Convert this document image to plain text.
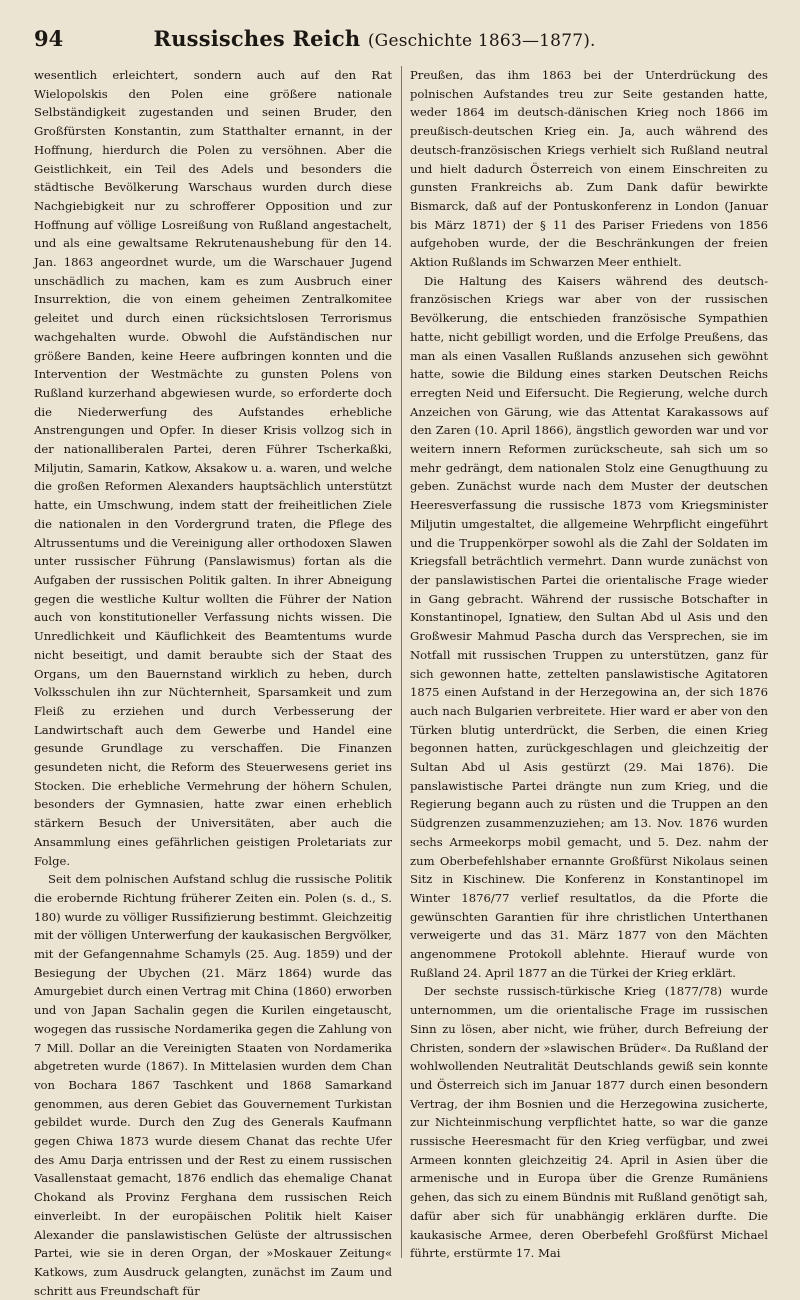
94	Russisches Reich (Geschichte 1863—1877).

wesentlich erleichtert, sondern auch auf den Rat Wielopolskis den Polen eine größere nationale Selbständigkeit zugestanden und seinen Bruder, den Großfürsten Konstantin, zum Statthalter ernannt, in der Hoffnung, hierdurch die Polen zu versöhnen. Aber die Geistlichkeit, ein Teil des Adels und besonders die städtische Bevölkerung Warschaus wurden durch diese Nachgiebigkeit nur zu schrofferer Opposition und zur Hoffnung auf völlige Losreißung von Rußland angestachelt, und als eine gewaltsame Rekrutenaushebung für den 14. Jan. 1863 angeordnet wurde, um die Warschauer Jugend unschädlich zu machen, kam es zum Ausbruch einer Insurrektion, die von einem geheimen Zentralkomitee geleitet und durch einen rücksichtslosen Terrorismus wachgehalten wurde. Obwohl die Aufständischen nur größere Banden, keine Heere aufbringen konnten und die Intervention der Westmächte zu gunsten Polens von Rußland kurzerhand abgewiesen wurde, so erforderte doch die Niederwerfung des Aufstandes erhebliche Anstrengungen und Opfer. In dieser Krisis vollzog sich in der nationalliberalen Partei, deren Führer Tscherkaßki, Miljutin, Samarin, Katkow, Aksakow u. a. waren, und welche die großen Reformen Alexanders hauptsächlich unterstützt hatte, ein Umschwung, indem statt der freiheitlichen Ziele die nationalen in den Vordergrund traten, die Pflege des Altrussentums und die Vereinigung aller orthodoxen Slawen unter russischer Führung (Panslawismus) fortan als die Aufgaben der russischen Politik galten. In ihrer Abneigung gegen die westliche Kultur wollten die Führer der Nation auch von konstitutioneller Verfassung nichts wissen. Die Unredlichkeit und Käuflichkeit des Beamtentums wurde nicht beseitigt, und damit beraubte sich der Staat des Organs, um den Bauernstand wirklich zu heben, durch Volksschulen ihn zur Nüchternheit, Sparsamkeit und zum Fleiß zu erziehen und durch Verbesserung der Landwirtschaft auch dem Gewerbe und Handel eine gesunde Grundlage zu verschaffen. Die Finanzen gesundeten nicht, die Reform des Steuerwesens geriet ins Stocken. Die erhebliche Vermehrung der höhern Schulen, besonders der Gymnasien, hatte zwar einen erheblich stärkern Besuch der Universitäten, aber auch die Ansammlung eines gefährlichen geistigen Proletariats zur Folge.

Seit dem polnischen Aufstand schlug die russische Politik die erobernde Richtung früherer Zeiten ein. Polen (s. d., S. 180) wurde zu völliger Russifizierung bestimmt. Gleichzeitig mit der völligen Unterwerfung der kaukasischen Bergvölker, mit der Gefangennahme Schamyls (25. Aug. 1859) und der Besiegung der Ubychen (21. März 1864) wurde das Amurgebiet durch einen Vertrag mit China (1860) erworben und von Japan Sachalin gegen die Kurilen eingetauscht, wogegen das russische Nordamerika gegen die Zahlung von 7 Mill. Dollar an die Vereinigten Staaten von Nordamerika abgetreten wurde (1867). In Mittelasien wurden dem Chan von Bochara 1867 Taschkent und 1868 Samarkand genommen, aus deren Gebiet das Gouvernement Turkistan gebildet wurde. Durch den Zug des Generals Kaufmann gegen Chiwa 1873 wurde diesem Chanat das rechte Ufer des Amu Darja entrissen und der Rest zu einem russischen Vasallenstaat gemacht, 1876 endlich das ehemalige Chanat Chokand als Provinz Ferghana dem russischen Reich einverleibt. In der europäischen Politik hielt Kaiser Alexander die panslawistischen Gelüste der altrussischen Partei, wie sie in deren Organ, der »Moskauer Zeitung« Katkows, zum Ausdruck gelangten, zunächst im Zaum und schritt aus Freundschaft für

Preußen, das ihm 1863 bei der Unterdrückung des polnischen Aufstandes treu zur Seite gestanden hatte, weder 1864 im deutsch-dänischen Krieg noch 1866 im preußisch-deutschen Krieg ein. Ja, auch während des deutsch-französischen Kriegs verhielt sich Rußland neutral und hielt dadurch Österreich von einem Einschreiten zu gunsten Frankreichs ab. Zum Dank dafür bewirkte Bismarck, daß auf der Pontuskonferenz in London (Januar bis März 1871) der § 11 des Pariser Friedens von 1856 aufgehoben wurde, der die Beschränkungen der freien Aktion Rußlands im Schwarzen Meer enthielt.

Die Haltung des Kaisers während des deutsch-französischen Kriegs war aber von der russischen Bevölkerung, die entschieden französische Sympathien hatte, nicht gebilligt worden, und die Erfolge Preußens, das man als einen Vasallen Rußlands anzusehen sich gewöhnt hatte, sowie die Bildung eines starken Deutschen Reichs erregten Neid und Eifersucht. Die Regierung, welche durch Anzeichen von Gärung, wie das Attentat Karakassows auf den Zaren (10. April 1866), ängstlich geworden war und vor weitern innern Reformen zurückscheute, sah sich um so mehr gedrängt, dem nationalen Stolz eine Genugthuung zu geben. Zunächst wurde nach dem Muster der deutschen Heeresverfassung die russische 1873 vom Kriegsminister Miljutin umgestaltet, die allgemeine Wehrpflicht eingeführt und die Truppenkörper sowohl als die Zahl der Soldaten im Kriegsfall beträchtlich vermehrt. Dann wurde zunächst von der panslawistischen Partei die orientalische Frage wieder in Gang gebracht. Während der russische Botschafter in Konstantinopel, Ignatiew, den Sultan Abd ul Asis und den Großwesir Mahmud Pascha durch das Versprechen, sie im Notfall mit russischen Truppen zu unterstützen, ganz für sich gewonnen hatte, zettelten panslawistische Agitatoren 1875 einen Aufstand in der Herzegowina an, der sich 1876 auch nach Bulgarien verbreitete. Hier ward er aber von den Türken blutig unterdrückt, die Serben, die einen Krieg begonnen hatten, zurückgeschlagen und gleichzeitig der Sultan Abd ul Asis gestürzt (29. Mai 1876). Die panslawistische Partei drängte nun zum Krieg, und die Regierung begann auch zu rüsten und die Truppen an den Südgrenzen zusammenzuziehen; am 13. Nov. 1876 wurden sechs Armeekorps mobil gemacht, und 5. Dez. nahm der zum Oberbefehlshaber ernannte Großfürst Nikolaus seinen Sitz in Kischinew. Die Konferenz in Konstantinopel im Winter 1876/77 verlief resultatlos, da die Pforte die gewünschten Garantien für ihre christlichen Unterthanen verweigerte und das 31. März 1877 von den Mächten angenommene Protokoll ablehnte. Hierauf wurde von Rußland 24. April 1877 an die Türkei der Krieg erklärt.

Der sechste russisch-türkische Krieg (1877/78) wurde unternommen, um die orientalische Frage im russischen Sinn zu lösen, aber nicht, wie früher, durch Befreiung der Christen, sondern der »slawischen Brüder«. Da Rußland der wohlwollenden Neutralität Deutschlands gewiß sein konnte und Österreich sich im Januar 1877 durch einen besondern Vertrag, der ihm Bosnien und die Herzegowina zusicherte, zur Nichteinmischung verpflichtet hatte, so war die ganze russische Heeresmacht für den Krieg verfügbar, und zwei Armeen konnten gleichzeitig 24. April in Asien über die armenische und in Europa über die Grenze Rumäniens gehen, das sich zu einem Bündnis mit Rußland genötigt sah, dafür aber sich für unabhängig erklären durfte. Die kaukasische Armee, deren Oberbefehl Großfürst Michael führte, erstürmte 17. Mai
